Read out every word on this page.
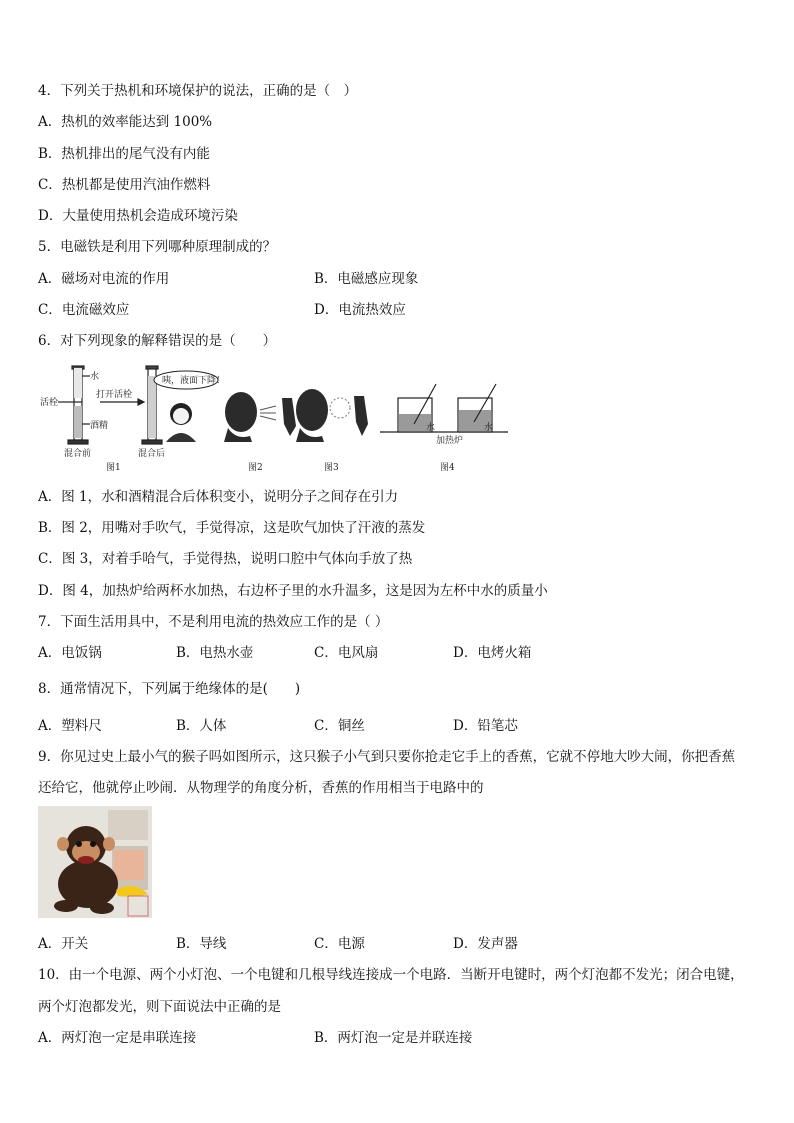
4．下列关于热机和环境保护的说法，正确的是（　）
A．热机的效率能达到 100%
B．热机排出的尾气没有内能
C．热机都是使用汽油作燃料
D．大量使用热机会造成环境污染
5．电磁铁是利用下列哪种原理制成的？
A．磁场对电流的作用	B．电磁感应现象
C．电流磁效应	D．电流热效应
6．对下列现象的解释错误的是（　　）
水
活栓
打开活栓
酒精
混合前	混合后
咦，液面下降！
图2	图3
水	水
加热炉
图4
图1
A．图 1，水和酒精混合后体积变小，说明分子之间存在引力
B．图 2，用嘴对手吹气，手觉得凉，这是吹气加快了汗液的蒸发
C．图 3，对着手哈气，手觉得热，说明口腔中气体向手放了热
D．图 4，加热炉给两杯水加热，右边杯子里的水升温多，这是因为左杯中水的质量小
7．下面生活用具中，不是利用电流的热效应工作的是（ ）
A．电饭锅	B．电热水壶	C．电风扇	D．电烤火箱
8．通常情况下，下列属于绝缘体的是(　　)
A．塑料尺	B．人体	C．铜丝	D．铅笔芯
9．你见过史上最小气的猴子吗如图所示，这只猴子小气到只要你抢走它手上的香蕉，它就不停地大吵大闹，你把香蕉
还给它，他就停止吵闹．从物理学的角度分析，香蕉的作用相当于电路中的
A．开关	B．导线	C．电源	D．发声器
10．由一个电源、两个小灯泡、一个电键和几根导线连接成一个电路．当断开电键时，两个灯泡都不发光；闭合电键，
两个灯泡都发光，则下面说法中正确的是
A．两灯泡一定是串联连接	B．两灯泡一定是并联连接
